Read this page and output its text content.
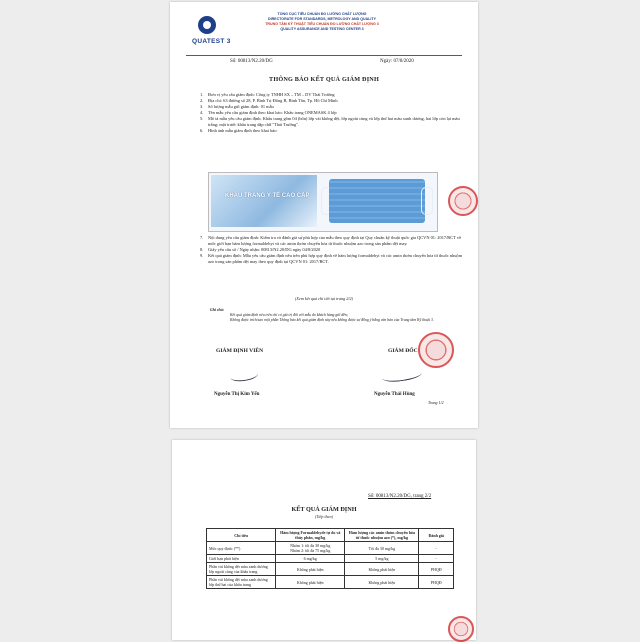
QUATEST 3
TỔNG CỤC TIÊU CHUẨN ĐO LƯỜNG CHẤT LƯỢNG
DIRECTORATE FOR STANDARDS, METROLOGY AND QUALITY
TRUNG TÂM KỸ THUẬT TIÊU CHUẨN ĐO LƯỜNG CHẤT LƯỢNG 3
QUALITY ASSURANCE AND TESTING CENTER 3
Số: 00813/N2.20/DG	Ngày: 07/8/2020
THÔNG BÁO KẾT QUẢ GIÁM ĐỊNH
1.	Đơn vị yêu cầu giám định: Công ty TNHH SX – TM – DV Thái Trường
2.	Địa chỉ: 63 đường số 28, P. Bình Trị Đông B, Bình Tân, Tp. Hồ Chí Minh
3.	Số lượng mẫu gửi giám định: 01 mẫu
4.	Tên mẫu yêu cầu giám định theo khai báo: Khẩu trang ONEMASK 4 lớp
5.	Mô tả mẫu yêu cầu giám định: Khẩu trang gồm 04 (bốn) lớp vải không dệt, lớp ngoài cùng và lớp thứ hai màu xanh dương, hai lớp còn lại màu trắng; mặt trước khẩu trang dập chữ "Thái Trường".
6.	Hình ảnh mẫu giám định theo khai báo:
KHẨU TRANG Y TẾ CAO CẤP
7.	Nội dung yêu cầu giám định: Kiểm tra và đánh giá sự phù hợp của mẫu theo quy định tại Quy chuẩn kỹ thuật quốc gia QCVN 01: 2017/BCT về mức giới hạn hàm lượng formaldehyt và các amin thơm chuyển hóa từ thuốc nhuộm azo trong sản phẩm dệt may.
8.	Giấy yêu cầu số / Ngày nhận: 00813/N2.20/DG ngày 04/8/2020
9.	Kết quả giám định: Mẫu yêu cầu giám định nêu trên phù hợp quy định về hàm lượng formaldehyt và các amin thơm chuyển hóa từ thuốc nhuộm azo trong sản phẩm dệt may theo quy định tại QCVN 01: 2017/BCT.
(Xem kết quả chi tiết tại trang 2/2)
Ghi chú:
Kết quả giám định nêu trên chỉ có giá trị đối với mẫu do khách hàng gửi đến;
Không được trích/sao một phần Thông báo kết quả giám định này nếu không được sự đồng ý bằng văn bản của Trung tâm Kỹ thuật 3.
GIÁM ĐỊNH VIÊN	GIÁM ĐỐC
Nguyễn Thị Kim Yến	Nguyễn Thái Hùng
Trang 1/2
Số: 00813/N2.20/DG, trang 2/2
KẾT QUẢ GIÁM ĐỊNH
(Tiếp theo)
Chỉ tiêu	Hàm lượng Formaldehyde tự do và thủy phân, mg/kg	Hàm lượng các amin thơm chuyển hóa từ thuốc nhuộm azo (*), mg/kg	Đánh giá
Mức quy định: (**)	Nhóm 1: tối đa 30 mg/kg
Nhóm 2: tối đa 75 mg/kg	Tối đa 30 mg/kg	-
Giới hạn phát hiện	6 mg/kg	5 mg/kg	-
Phần vải không dệt màu xanh dương lớp ngoài cùng của khẩu trang	Không phát hiện	Không phát hiện	PHQĐ
Phần vải không dệt màu xanh dương lớp thứ hai của khẩu trang	Không phát hiện	Không phát hiện	PHQĐ
